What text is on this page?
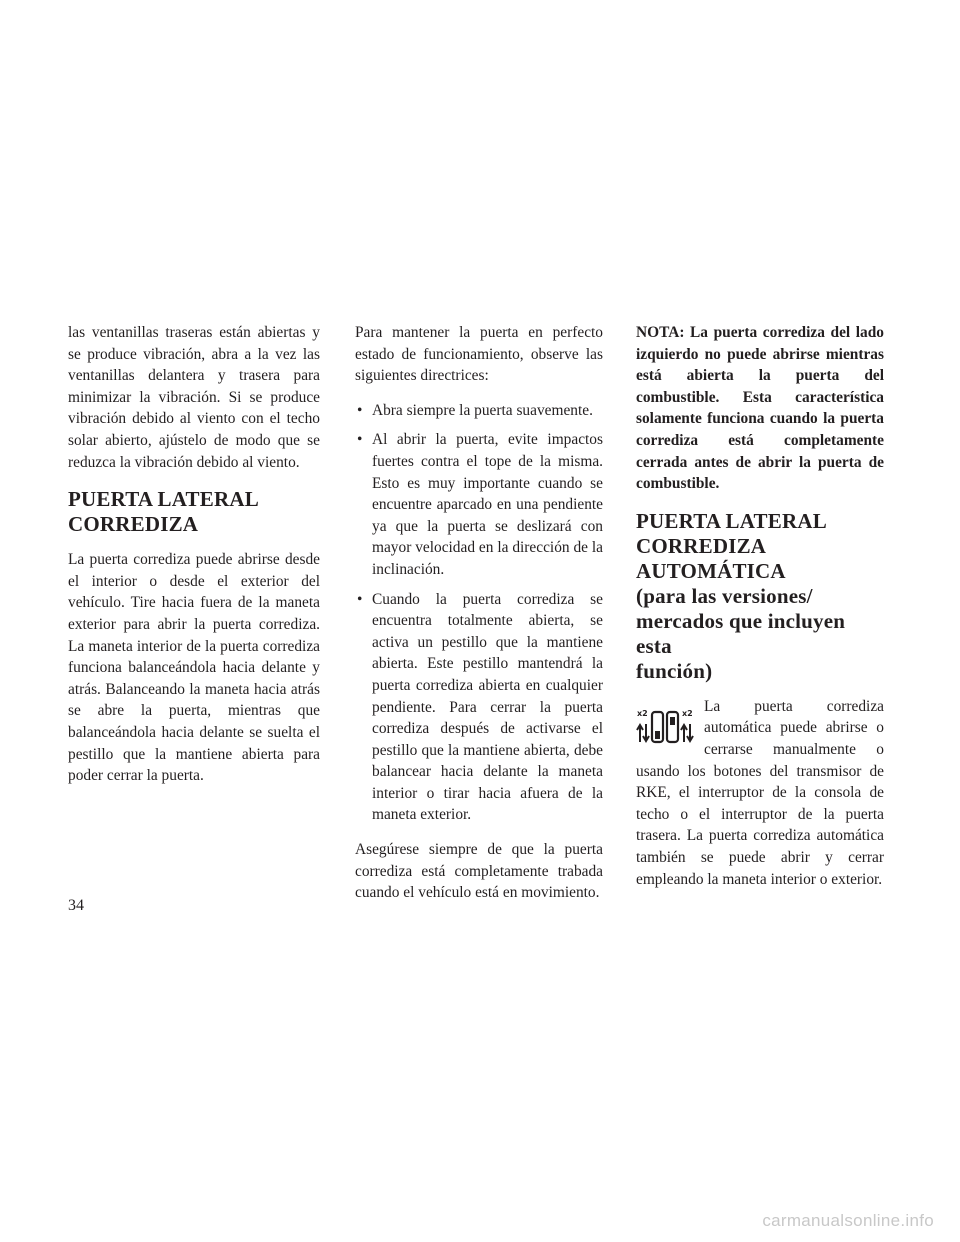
las ventanillas traseras están abiertas y se produce vibración, abra a la vez las ventanillas delantera y trasera para minimizar la vibración. Si se produce vibración debido al viento con el techo solar abierto, ajústelo de modo que se reduzca la vibración debido al viento.

PUERTA LATERAL
CORREDIZA

La puerta corrediza puede abrirse desde el interior o desde el exterior del vehículo. Tire hacia fuera de la maneta exterior para abrir la puerta corrediza. La maneta interior de la puerta corrediza funciona balanceándola hacia delante y atrás. Balanceando la maneta hacia atrás se abre la puerta, mientras que balanceándola hacia delante se suelta el pestillo que la mantiene abierta para poder cerrar la puerta.

Para mantener la puerta en perfecto estado de funcionamiento, observe las siguientes directrices:

• Abra siempre la puerta suavemente.
• Al abrir la puerta, evite impactos fuertes contra el tope de la misma. Esto es muy importante cuando se encuentre aparcado en una pendiente ya que la puerta se deslizará con mayor velocidad en la dirección de la inclinación.
• Cuando la puerta corrediza se encuentra totalmente abierta, se activa un pestillo que la mantiene abierta. Este pestillo mantendrá la puerta corrediza abierta en cualquier pendiente. Para cerrar la puerta corrediza después de activarse el pestillo que la mantiene abierta, debe balancear hacia delante la maneta interior o tirar hacia afuera de la maneta exterior.

Asegúrese siempre de que la puerta corrediza está completamente trabada cuando el vehículo está en movimiento.

NOTA: La puerta corrediza del lado izquierdo no puede abrirse mientras está abierta la puerta del combustible. Esta característica solamente funciona cuando la puerta corrediza está completamente cerrada antes de abrir la puerta de combustible.

PUERTA LATERAL
CORREDIZA AUTOMÁTICA
(para las versiones/
mercados que incluyen esta
función)
x2	x2 La puerta corrediza automática puede abrirse o cerrarse manualmente o usando los botones del transmisor de RKE, el interruptor de la consola de techo o el interruptor de la puerta trasera. La puerta corrediza automática también se puede abrir y cerrar empleando la maneta interior o exterior.

34
carmanualsonline.info
